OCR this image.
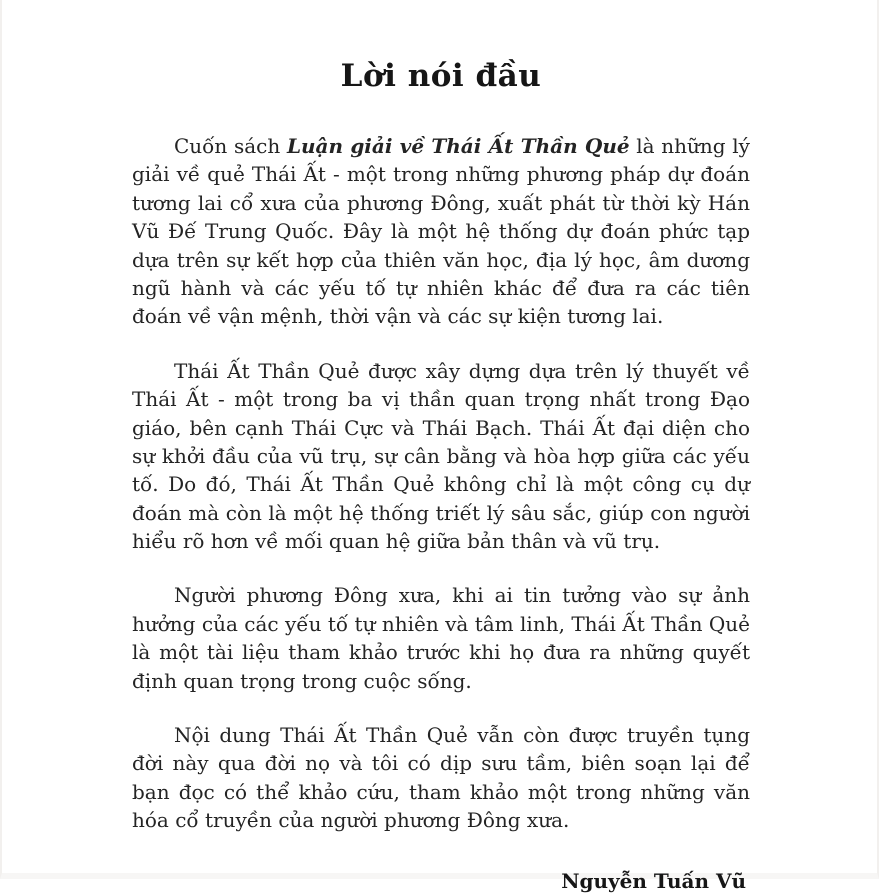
Lời nói đầu

Cuốn sách Luận giải về Thái Ất Thần Quẻ là những lý giải về quẻ Thái Ất - một trong những phương pháp dự đoán tương lai cổ xưa của phương Đông, xuất phát từ thời kỳ Hán Vũ Đế Trung Quốc. Đây là một hệ thống dự đoán phức tạp dựa trên sự kết hợp của thiên văn học, địa lý học, âm dương ngũ hành và các yếu tố tự nhiên khác để đưa ra các tiên đoán về vận mệnh, thời vận và các sự kiện tương lai.

Thái Ất Thần Quẻ được xây dựng dựa trên lý thuyết về Thái Ất - một trong ba vị thần quan trọng nhất trong Đạo giáo, bên cạnh Thái Cực và Thái Bạch. Thái Ất đại diện cho sự khởi đầu của vũ trụ, sự cân bằng và hòa hợp giữa các yếu tố. Do đó, Thái Ất Thần Quẻ không chỉ là một công cụ dự đoán mà còn là một hệ thống triết lý sâu sắc, giúp con người hiểu rõ hơn về mối quan hệ giữa bản thân và vũ trụ.

Người phương Đông xưa, khi ai tin tưởng vào sự ảnh hưởng của các yếu tố tự nhiên và tâm linh, Thái Ất Thần Quẻ là một tài liệu tham khảo trước khi họ đưa ra những quyết định quan trọng trong cuộc sống.

Nội dung Thái Ất Thần Quẻ vẫn còn được truyền tụng đời này qua đời nọ và tôi có dịp sưu tầm, biên soạn lại để bạn đọc có thể khảo cứu, tham khảo một trong những văn hóa cổ truyền của người phương Đông xưa.

Nguyễn Tuấn Vũ
